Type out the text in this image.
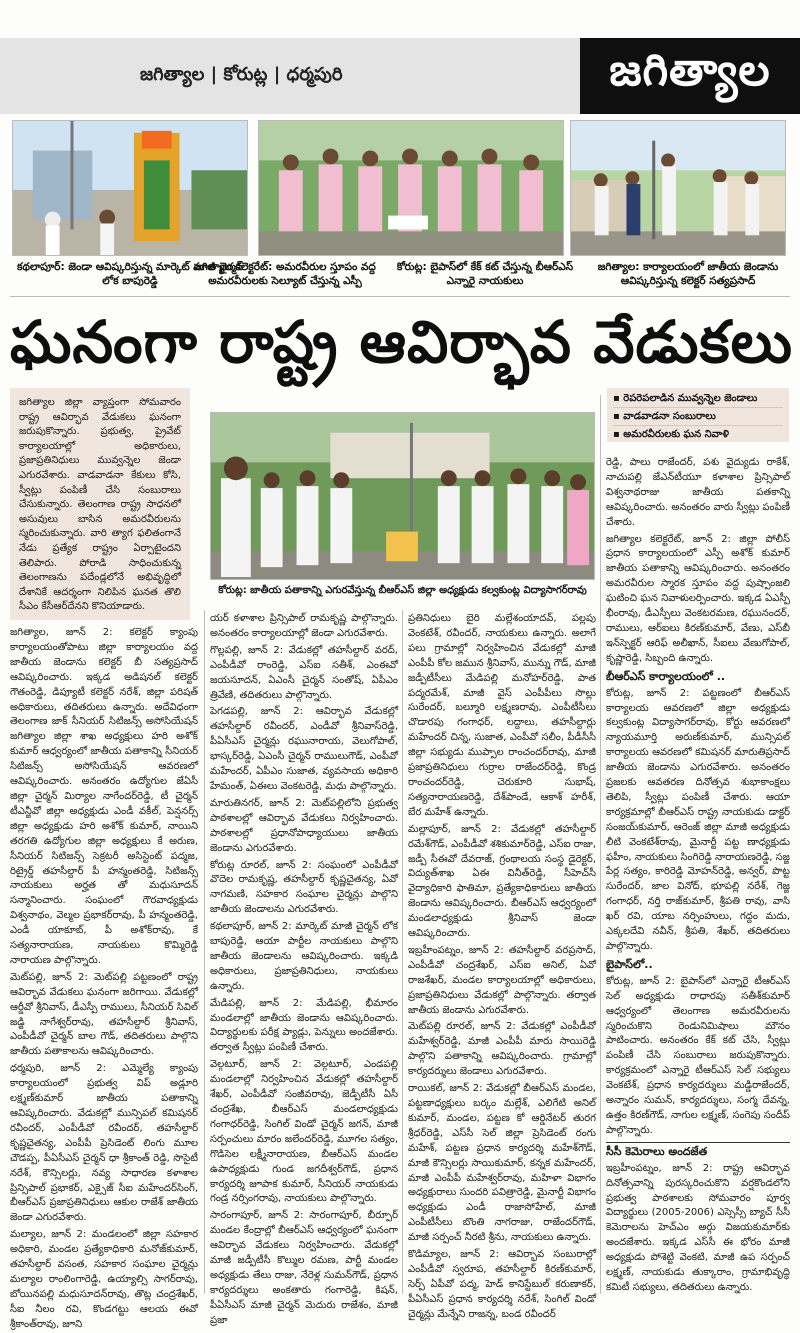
జగిత్యాల | కోరుట్ల | ధర్మపురి	జగిత్యాల
కథలాపూర్: జెండా ఆవిష్కరిస్తున్న మార్కెట్ మాజీ చైర్మన్ లోక బాపురెడ్డి
జగిత్యాల కలెక్టరేట్: అమరవీరుల స్తూపం వద్ద అమరవీరులకు సెల్యూట్ చేస్తున్న ఎస్పీ
కోరుట్ల: బైపాస్‌లో కేక్ కట్ చేస్తున్న బీఆర్ఎస్ ఎన్నారై నాయకులు
జగిత్యాల: కార్యాలయంలో జాతీయ జెండాను ఆవిష్కరిస్తున్న కలెక్టర్ సత్యప్రసాద్
ఘనంగా రాష్ట్ర ఆవిర్భావ వేడుకలు
జగిత్యాల జిల్లా వ్యాప్తంగా సోమవారం రాష్ట్ర ఆవిర్భావ వేడుకలు ఘనంగా జరుపుకొన్నారు. ప్రభుత్వ, ప్రైవేట్ కార్యాలయాల్లో అధికారులు, ప్రజాప్రతినిధులు మువ్వన్నెల జెండా ఎగురవేశారు. వాడవాడనా కేకులు కోసి, స్వీట్లు పంపిణీ చేసి సంబురాలు చేసుకున్నారు. తెలంగాణ రాష్ట్ర సాధనలో అసువులు బాసిన అమరవీరులను స్మరించుకున్నారు. వారి త్యాగ ఫలితంగానే నేడు ప్రత్యేక రాష్ట్రం ఏర్పాటైందని తెలిపారు. పోరాడి సాధించుకున్న తెలంగాణను పదేండ్లలోనే అభివృద్ధిలో దేశానికే ఆదర్శంగా నిలిపిన ఘనత తొలి సీఎం కేసీఆర్‌దేనని కొనియాడారు.
▪ రెపరెపలాడిన మువ్వన్నెల జెండాలు
▪ వాడవాడనా సంబురాలు
▪ అమరవీరులకు ఘన నివాళి
కోరుట్ల: జాతీయ పతాకాన్ని ఎగురవేస్తున్న బీఆర్ఎస్ జిల్లా అధ్యక్షుడు కల్వకుంట్ల విద్యాసాగర్‌రావు

జగిత్యాల, జూన్ 2: కలెక్టర్ క్యాంపు కార్యాలయంతోపాటు జిల్లా కార్యాలయం వద్ద జాతీయ జెండాను కలెక్టర్ బీ సత్యప్రసాద్ ఆవిష్కరించారు. ఇక్కడ అడిషనల్ కలెక్టర్ గౌతంరెడ్డి, డిప్యూటీ కలెక్టర్ నరేశ్, జిల్లా పరిషత్ అధికారులు, తదితరులు ఉన్నారు. అదేవిధంగా తెలంగాణ జాక్ సీనియర్ సిటిజన్స్ అసోసియేషన్ జగిత్యాల జిల్లా శాఖ అధ్యక్షులు హరి అశోక్ కుమార్ ఆధ్వర్యంలో జాతీయ పతాకాన్ని సీనియర్ సిటిజన్స్ అసోసియేషన్ ఆవరణలో ఆవిష్కరించారు. అనంతరం ఉద్యోగుల జేఏసీ జిల్లా చైర్మన్ మిర్యాల నాగేందర్‌రెడ్డి, టీ చైర్మన్ టీఎన్జీవో జిల్లా అధ్యక్షుడు ఎండీ వకీల్, పెన్షనర్స్ జిల్లా అధ్యక్షుడు హరి అశోక్ కుమార్, నాయిని తరగతి ఉద్యోగుల జిల్లా అధ్యక్షులు కే అరుణ, సీనియర్ సిటిజన్స్ సెక్రటరీ అసిస్టెంట్ పద్మజ, రిట్రైర్డ్ తహసీల్దార్ పీ హన్మంతరెడ్డి, సిటిజన్స్ నాయకులు అర్హత తో మధుసూదన్ సన్మానించారు. సంఘంలో గౌరవాధ్యక్షుడు విశ్వనాథం, వెల్మల ప్రభాకర్‌రావు, పీ హన్మంతరెడ్డి, ఎండీ యాకూబ్, పీ అశోక్‌రావు, కే సత్యనారాయణ, నాయకులు కొమ్మిరెడ్డి నారాయణ పాల్గొన్నారు.

మెట్‌పల్లి, జూన్ 2: మెట్‌పల్లి పట్టణంలో రాష్ట్ర ఆవిర్భావ వేడుకలు ఘనంగా జరిగాయి. వేడుకల్లో ఆర్డీవో శ్రీనివాస్, డీఎస్పీ రాములు, సీనియర్ సివిల్ జడ్జి నాగేశ్వర్‌రావు, తహసీల్దార్ శ్రీనివాస్, ఎంపీడీవో చైర్మన్ బాల గౌడ్, తదితరులు పాల్గొని జాతీయ పతాకాలను ఆవిష్కరించారు.

ధర్మపురి, జూన్ 2: ఎమ్మెల్యే క్యాంపు కార్యాలయంలో ప్రభుత్వ విప్ అడ్లూరి లక్ష్మణ్‌కుమార్ జాతీయ పతాకాన్ని ఆవిష్కరించారు. వేడుకల్లో మున్సిపల్ కమిషనర్ రవీందర్, ఎంపీడీవో రవీందర్, తహసీల్దార్ కృష్ణచైతన్య, ఎంపీపీ ప్రెసిడెంట్ లింగు మూల చౌడప్ప, పీఏసీఎస్ చైర్మన్ ధా శ్రీకాంత్ రెడ్డి, సొసైటీ నరేశ్, కౌన్సిలర్లు, నవ్య సాధారణ కళాశాల ప్రిన్సిపాల్ ప్రభాకర్, ఎక్సైజ్ సీఐ మహేందర్‌సింగ్, బీఆర్ఎస్ ప్రజాప్రతినిధులు ఆకుల రాజేశ్ జాతీయ జెండా ఎగురవేశారు.

మల్యాల, జూన్ 2: మండలంలో జిల్లా సహకార అధికారి, మండల ప్రత్యేకాధికారి మనోజ్‌కుమార్, తహసీల్దార్ వసంత, సహకార సంఘాల చైర్మన్లు మల్యాల రాంలింగారెడ్డి, ఉయ్యాల్సి సాగర్‌రావు, బోయినపల్లి మధుసూదన్‌రావు, తొట్ల చంద్రశేఖర్, సీఐ నీలం రవి, కొండగట్టు ఆలయ ఈవో శ్రీకాంత్‌రావు, జూని

యర్ కళాశాల ప్రిన్సిపాల్ రామకృష్ణ పాల్గొన్నారు. అనంతరం కార్యాలయాల్లో జెండా ఎగురవేశారు.

గొల్లపల్లి, జూన్ 2: వేడుకల్లో తహసీల్దార్ వరద్, ఎంపీడీవో రాంరెడ్డి, ఎస్‌ఐ సతీశ్, ఎంఈవో జయసూదన్, ఏఎంసీ చైర్మన్ సంతోష్, ఏపీఎం త్రివేణి, తదితరులు పాల్గొన్నారు.

పెగడపల్లి, జూన్ 2: ఆవిర్భావ వేడుకల్లో తహసీల్దార్ రవీందర్, ఎండీవో శ్రీనివాస్‌రెడ్డి, పీఏసీఎస్ చైర్మన్లు రఘునారాయ, వెలుగోపాల్, భాస్కర్‌రెడ్డి, ఏఎంసీ చైర్మన్ రాములుగౌడ్, ఎంపీవో మహేందర్, ఏపీఎం సుజాత, వ్యవసాయ అధికారి హేమంత్, ఏఈలు వెంకటరెడ్డి, మధు పాల్గొన్నారు.

మారుతినగర్, జూన్ 2: మెట్‌పల్లిలోని ప్రభుత్వ పాఠశాలల్లో ఆవిర్భావ వేడుకలు నిర్వహించారు. పాఠశాలల్లో ప్రధానోపాధ్యాయులు జాతీయ జెండాను ఎగురవేశారు.

కోరుట్ల రూరల్, జూన్ 2: సంఘంలో ఎంపీడీవో వొదెల రామకృష్ణ, తహసీల్దార్ కృష్ణచైతన్య, ఏవో నాగమణి, సహకార సంఘాల చైర్మన్లు పాల్గొని జాతీయ జెండాలను ఎగురవేశారు.

కథలాపూర్, జూన్ 2: మార్కెట్ మాజీ చైర్మన్ లోక బాపురెడ్డి, ఆయా పార్టీల నాయకులు పాల్గొని జాతీయ జెండాలను ఆవిష్కరించారు. ఇక్కడి అధికారులు, ప్రజాప్రతినిధులు, నాయకులు ఉన్నారు.

మేడిపల్లి, జూన్ 2: మేడిపల్లి, భీమారం మండలాల్లో జాతీయ జెండాను ఆవిష్కరించారు. విద్యార్థులకు పరీక్ష ప్యాడ్లు, పెన్నులు అందజేశారు. తర్వాత స్వీట్లు పంపిణీ చేశారు.

వెల్గటూర్, జూన్ 2: వెల్గటూర్, ఎండపల్లి మండలాల్లో నిర్వహించిన వేడుకల్లో తహసీల్దార్ శేఖర్, ఎంపీడీవో సంజీవరావు, జెడ్పీటీసీ ఏసీ చంద్రశేఖ, బీఆర్ఎస్ మండలాధ్యక్షుడు గంగాధర్‌రెడ్డి, సింగిల్ విండో చైర్మన్ జగన్, మాజీ సర్పంచులు మారం జలేందర్‌రెడ్డి, మూగల సత్యం, గొడిసెల లక్ష్మీనారాయణ, బీఆర్ఎస్ మండల ఉపాధ్యక్షుడు గుండ జగదీశ్వర్‌గౌడ్, ప్రధాన కార్యదర్శి జూపాక కుమార్, సీనియర్ నాయకుడు గండ్ర నర్సింగరావు, నాయకులు పాల్గొన్నారు.

సారంగాపూర్, జూన్ 2: సారంగాపూర్, బీర్పూర్ మండల కేంద్రాల్లో బీఆర్ఎస్ ఆధ్వర్యంలో ఘనంగా ఆవిర్భావ వేడుకలు నిర్వహించారు. వేడుకల్లో మాజీ జడ్పీటీసీ కొల్ముల రమణ, పార్టీ మండల అధ్యక్షుడు తేలు రాజు, నేరెళ్ల సుమన్‌గౌడ్, ప్రధాన కార్యదర్శులు అంకతారు గంగారెడ్డి, కిషన్, పీఏసీఎస్ మాజీ చైర్మన్ మెదురు రాజేశం, మాజీ ప్రజా

ప్రతినిధులు బైరి మల్లేశంయాదవ్, పల్లపు వెంకటేశ్, రవీందర్, నాయకులు ఉన్నారు. అలాగే పలు గ్రామాల్లో నిర్వహించిన వేడుకల్లో మాజీ ఎంపీపీ కోల జమున శ్రీనివాస్, మున్ను గౌడ్, మాజీ జడ్పీటీసీలు మేడిపల్లి మనోహర్‌రెడ్డి, పాత పద్మరమేశ్, మాజీ వైస్ ఎంపీపీలు సొల్లు సురేందర్, బల్మూరి లక్ష్మణరావు, ఎంపీటీసీలు చొడారపు గంగాధర్, లద్దాలు, తహసీల్దార్లు మహేందర్ చిన్న, సుజాత, ఎంపీవో సలీం, పీడీసీసీ జిల్లా సభ్యుడు ముప్పాల రాంచందర్‌రావు, మాజీ ప్రజాప్రతినిధులు గుర్రాల రాజేందర్‌రెడ్డి, కొండ్ర రాంచందర్‌రెడ్డి, చెరుకూరి సుభాష్, సత్యనారాయణరెడ్డి, దేశ్‌పాండే, ఆకాశ్ హరీశ్, బేర మహేశ్ ఉన్నారు.

మల్లాపూర్, జూన్ 2: వేడుకల్లో తహసీల్దార్ రమేశ్‌గౌడ్, ఎంపీడీవో శశికుమార్‌రెడ్డి, ఎస్‌ఐ రాజు, జడ్పీ సీఈవో దేవరాజ్, గ్రంథాలయ సంస్థ డైరెక్టర్, విద్యుత్‌శాఖ ఏఈ వినీత్‌రెడ్డి, సీహెచ్‌సీ వైద్యాధికారి ఫాతిమా, ప్రత్యేకాధికారులు జాతీయ జెండాను ఆవిష్కరించారు. బీఆర్ఎస్ ఆధ్వర్యంలో మండలాధ్యక్షుడు శ్రీనివాస్ జెండా ఆవిష్కరించారు.

ఇబ్రహీంపట్నం, జూన్ 2: తహసీల్దార్ వరప్రసాద్, ఎంపీడీవో చంద్రశేఖర్, ఎస్‌ఐ అనిల్, ఏవో రాజశేఖర్, మండల కార్యాలయాల్లో అధికారులు, ప్రజాప్రతినిధులు వేడుకల్లో పాల్గొన్నారు. తర్వాత జాతీయ జెండాను ఎగురవేశారు.

మెట్‌పల్లి రూరల్, జూన్ 2: వేడుకల్లో ఎంపీడీవో మహేశ్వర్‌రెడ్డి, మాజీ ఎంపీపీ మారు సాయిరెడ్డి పాల్గొని పతాకాన్ని ఆవిష్కరించారు. గ్రామాల్లో కార్యదర్శులు జెండాలు ఎగురవేశారు.

రాయికల్, జూన్ 2: వేడుకల్లో బీఆర్ఎస్ మండల, పట్టణాధ్యక్షులు బర్కం మల్లేశ్, ఎలిగేటి అనిల్ కుమార్, మండల, పట్టణ కో ఆర్డినేటర్ తురగ శ్రీధర్‌రెడ్డి, ఎస్‌సీ సెల్ జిల్లా ప్రెసిడెంట్ రంగు మహేశ్, పట్టణ ప్రధాన కార్యదర్శి మహేశ్‌గౌడ్, మాజీ కౌన్సిలర్లు సాయికుమార్, కన్నక మహేందర్, మాజీ ఎంపీపీ మహేశ్వర్‌రావు, మహిళా విభాగం అధ్యక్షురాలు సుందరి పవిత్రారెడ్డి, మైనార్టీ విభాగం అధ్యక్షుడు ఎండీ రాజాసోహేల్, మాజీ ఎంపీటీసీలు బొంతి నాగరాజు, రాజేందర్‌గౌడ్, మాజీ సర్పంచ్ నీరటి శ్రీను, నాయకులు ఉన్నారు.

కొడిమ్యాల, జూన్ 2: ఆవిర్భావ సంబురాల్లో ఎంపీడీవో స్వరూప, తహసీల్దార్ కిరణ్‌కుమార్, సెర్ప్ ఏపీవో పద్మ, హెడ్ కానిస్టేబుల్ కరుణాకర్, పీఏసీఎస్ ప్రధాన కార్యదర్శి నరేశ్, సింగిల్ విండో చైర్మన్లు మేన్నేని రాజన్న, బండ రవీందర్

రెడ్డి, పాలు రాజేందర్, పశు వైద్యుడు రాకేశ్, నాచుపల్లి జేఎన్‌టీయూ కళాశాల ప్రిన్సిపాల్ విశ్వనాథరాజు జాతీయ పతకాన్ని ఆవిష్కరించారు. అనంతరం వారు స్వీట్లు పంపిణీ చేశారు.

జగిత్యాల కలెక్టరేట్, జూన్ 2: జిల్లా పోలీస్ ప్రధాన కార్యాలయంలో ఎస్పీ అశోక్ కుమార్ జాతీయ పతాకాన్ని ఆవిష్కరించారు. అనంతరం అమరవీరుల స్మారక స్తూపం వద్ద పుష్పాంజలి ఘటించి ఘన నివాళులర్పించారు. ఇక్కడ ఏఎస్పీ భీంరావు, డీఎస్పీలు వెంకటరమణ, రఘునందర్, రాములు, ఆర్ఐలు కిరణ్‌కుమార్, వేణు, ఎస్‌బీ ఇన్‌స్పెక్టర్ ఆరిఫ్ అలీఖాన్, సీఐలు వేణుగోపాల్, కృష్ణారెడ్డి, సిబ్బంది ఉన్నారు.

బీఆర్ఎస్ కార్యాలయంలో ..

కోరుట్ల, జూన్ 2: పట్టణంలో బీఆర్ఎస్ కార్యాలయ ఆవరణలో జిల్లా అధ్యక్షుడు కల్వకుంట్ల విద్యాసాగర్‌రావు, కోర్టు ఆవరణలో న్యాయమూర్తి అరుణ్‌కుమార్, మున్సిపల్ కార్యాలయ ఆవరణలో కమిషనర్ మారుతిప్రసాద్ జాతీయ జెండాను ఎగురవేశారు. అనంతరం ప్రజలకు ఆవతరణ దినోత్సవ శుభాకాంక్షలు తెలిపి, స్వీట్లు పంపిణీ చేశారు. ఆయా కార్యక్రమాల్లో బీఆర్ఎస్ రాష్ట్ర నాయకుడు డాక్టర్ సంజయ్‌కుమార్, ఆరెంజ్ జిల్లా మాజీ అధ్యక్షుడు లీటి వెంకటేశ్‌రావు, మైనార్టీ పట్ట ణాధ్యక్షుడు ఫహీం, నాయకులు సింగిరెడ్డి నారాయణరెడ్డి, సజ్జ పేర్ల సత్యం, కారిరెడ్డి మోహన్‌రెడ్డి, అన్వర్, పొట్ట సురేందర్, జాల వినోద్, భూపల్లి నరేశ్, గెజ్జ గంగాధర్, నర్తి రాజ్‌కుమార్, శ్రీపతి రావు, వాసి ఖర్ రవి, యాబ నర్సింహులు, గద్దం మదు, ఎక్కలదేవి నవీన్, శ్రీపతి, శేఖర్, తదితరులు పాల్గొన్నారు.

బైపాస్‌లో..

కోరుట్ల, జూన్ 2: బైపాస్‌లో ఎన్నారై టీఆర్ఎస్ సెల్ అధ్యక్షుడు రాధారపు సతీశ్‌కుమార్ ఆధ్వర్యంలో తెలంగాణ అమరవీరులను స్మరించుకొని రెండునిమిషాలు మౌనం పాటించారు. అనంతరం కేక్ కట్ చేసి, స్వీట్లు పంపిణీ చేసి సంబురాలు జరుపుకొన్నారు. కార్యక్రమంలో ఎన్నారై టీఆర్ఎస్ సెల్ సభ్యులు వెంకటేశ్, ప్రధాన కార్యదర్శులు మడ్డిరాజేందర్, అన్నారం సుమన్, కార్యదర్శులు, సంగ్మ దేవన్న, ఉత్తం కిరణ్‌గౌడ్, నాగుల లక్ష్మణ్, సంగెపు సందీప్ పాల్గొన్నారు.

సీసీ కెమెరాలు అందజేత

ఇబ్రహీంపట్నం, జూన్ 2: రాష్ట్ర ఆవిర్భావ దినోత్సవాన్ని పురస్కరించుకొని వర్షకొండలోని ప్రభుత్వ పాఠశాలకు సోమవారం పూర్వ విద్యార్థులు (2005-2006) ఎస్సెస్సీ బ్యాచ్ సీసీ కెమెరాలను హెచ్ఎం అర్గు విజయకుమార్‌కు అందజేశారు. ఇక్కడ ఎస్‌సీ ఈ భోరం మాజీ అధ్యక్షుడు పోశెట్టి వెంకటి, మాజీ ఉప సర్పంచ్ లక్ష్మణ్, నాయకుడు తుక్కారాం, గ్రామాభివృద్ధి కమిటీ సభ్యులు, తదితరులు ఉన్నారు.
